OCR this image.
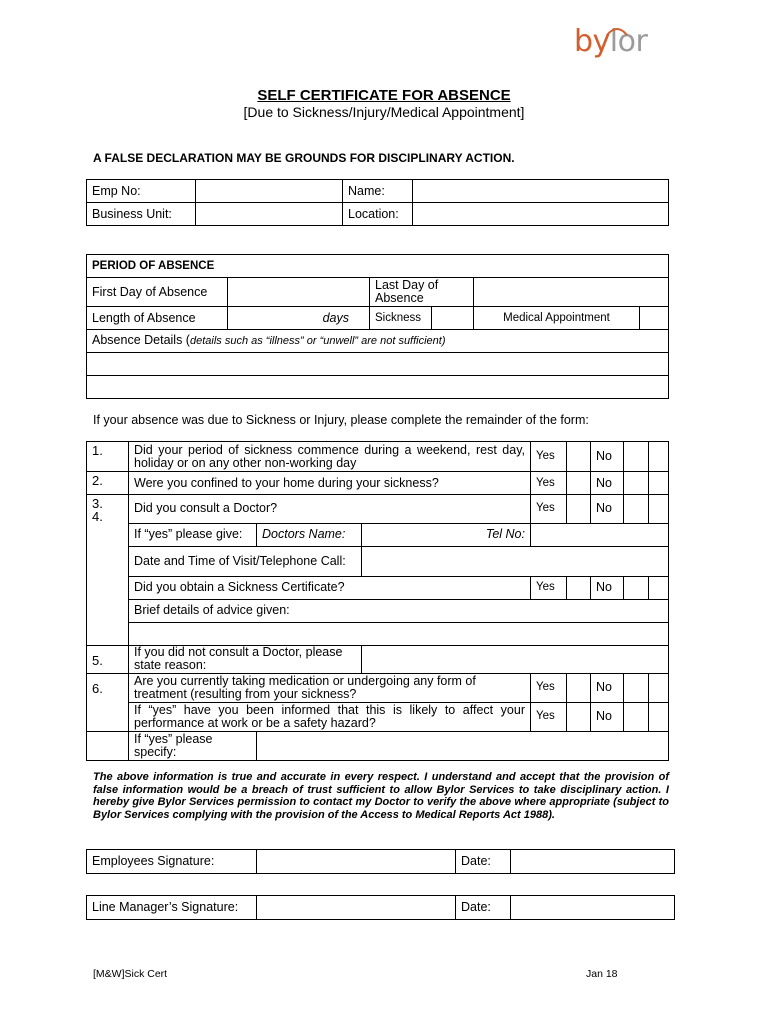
bylor
SELF CERTIFICATE FOR ABSENCE
[Due to Sickness/Injury/Medical Appointment]
A FALSE DECLARATION MAY BE GROUNDS FOR DISCIPLINARY ACTION.
Emp No:		Name:	
Business Unit:		Location:	
PERIOD OF ABSENCE					
First Day of Absence		Last Day of Absence			
Length of Absence	days	Sickness		Medical Appointment	
Absence Details (details such as “illness” or “unwell” are not sufficient)					

If your absence was due to Sickness or Injury, please complete the remainder of the form:
1.	Did your period of sickness commence during a weekend, rest day, holiday or on any other non-working day			Yes		No		
2.	Were you confined to your home during your sickness?			Yes		No		
3.
4.	Did you consult a Doctor?			Yes		No		
	If “yes” please give:	Doctors Name:	Tel No:					
	Date and Time of Visit/Telephone Call:							
	Did you obtain a Sickness Certificate?			Yes		No		
	Brief details of advice given:							

5.	If you did not consult a Doctor, please state reason:							
6.	Are you currently taking medication or undergoing any form of treatment (resulting from your sickness?			Yes		No		
	If “yes” have you been informed that this is likely to affect your performance at work or be a safety hazard?			Yes		No		
	If “yes” please specify:							
The above information is true and accurate in every respect. I understand and accept that the provision of false information would be a breach of trust sufficient to allow Bylor Services to take disciplinary action. I hereby give Bylor Services permission to contact my Doctor to verify the above where appropriate (subject to Bylor Services complying with the provision of the Access to Medical Reports Act 1988).
Employees Signature:		Date:	
Line Manager’s Signature:		Date:	
[M&W]Sick Cert	Jan 18
